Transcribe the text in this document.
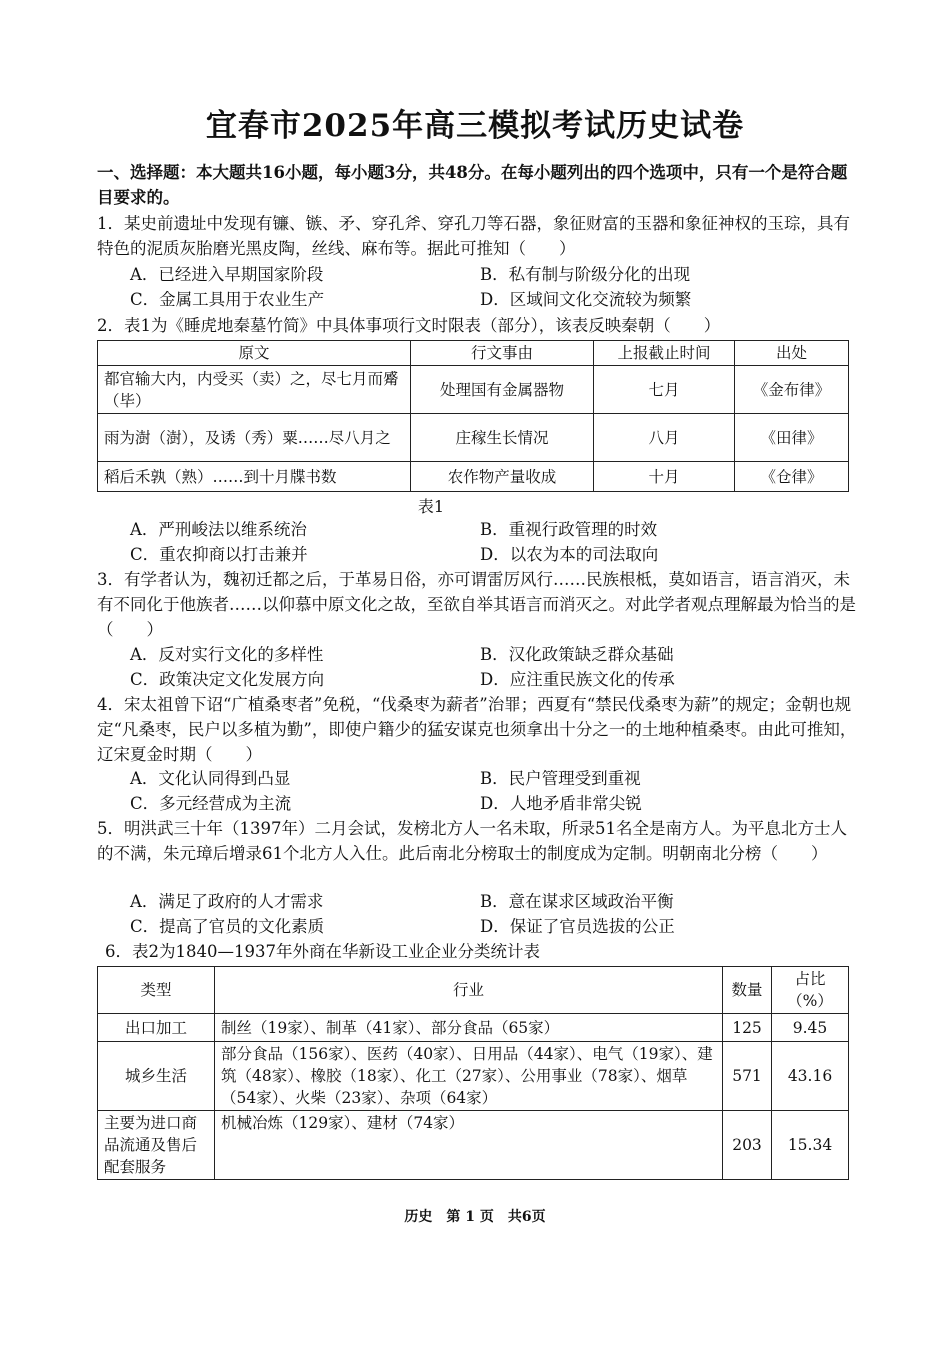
宜春市2025年高三模拟考试历史试卷
一、选择题：本大题共16小题，每小题3分，共48分。在每小题列出的四个选项中，只有一个是符合题目要求的。
1．某史前遗址中发现有镰、镞、矛、穿孔斧、穿孔刀等石器，象征财富的玉器和象征神权的玉琮，具有特色的泥质灰胎磨光黑皮陶，丝线、麻布等。据此可推知（　　）
A．已经进入早期国家阶段	B．私有制与阶级分化的出现
C．金属工具用于农业生产	D．区域间文化交流较为频繁
2．表1为《睡虎地秦墓竹简》中具体事项行文时限表（部分），该表反映秦朝（　　）
原文	行文事由	上报截止时间	出处
都官输大内，内受买（卖）之，尽七月而觱（毕）	处理国有金属器物	七月	《金布律》
雨为澍（澍），及诱（秀）粟……尽八月之	庄稼生长情况	八月	《田律》
稻后禾孰（熟）……到十月牒书数	农作物产量收成	十月	《仓律》
表1
A．严刑峻法以维系统治	B．重视行政管理的时效
C．重农抑商以打击兼并	D．以农为本的司法取向
3．有学者认为，魏初迁都之后，于革易日俗，亦可谓雷厉风行……民族根柢，莫如语言，语言消灭，未有不同化于他族者……以仰慕中原文化之故，至欲自举其语言而消灭之。对此学者观点理解最为恰当的是（　　）
A．反对实行文化的多样性	B．汉化政策缺乏群众基础
C．政策决定文化发展方向	D．应注重民族文化的传承
4．宋太祖曾下诏“广植桑枣者”免税，“伐桑枣为薪者”治罪；西夏有“禁民伐桑枣为薪”的规定；金朝也规定“凡桑枣，民户以多植为勤”，即使户籍少的猛安谋克也须拿出十分之一的土地种植桑枣。由此可推知，辽宋夏金时期（　　）
A．文化认同得到凸显	B．民户管理受到重视
C．多元经营成为主流	D．人地矛盾非常尖锐
5．明洪武三十年（1397年）二月会试，发榜北方人一名未取，所录51名全是南方人。为平息北方士人的不满，朱元璋后增录61个北方人入仕。此后南北分榜取士的制度成为定制。明朝南北分榜（　　）
A．满足了政府的人才需求	B．意在谋求区域政治平衡
C．提高了官员的文化素质	D．保证了官员选拔的公正
6．表2为1840—1937年外商在华新设工业企业分类统计表
类型	行业	数量	占比（%）
出口加工	制丝（19家）、制革（41家）、部分食品（65家）	125	9.45
城乡生活	部分食品（156家）、医药（40家）、日用品（44家）、电气（19家）、建筑（48家）、橡胶（18家）、化工（27家）、公用事业（78家）、烟草（54家）、火柴（23家）、杂项（64家）	571	43.16
主要为进口商品流通及售后配套服务	机械冶炼（129家）、建材（74家）	203	15.34
历史　第 1 页　共6页
